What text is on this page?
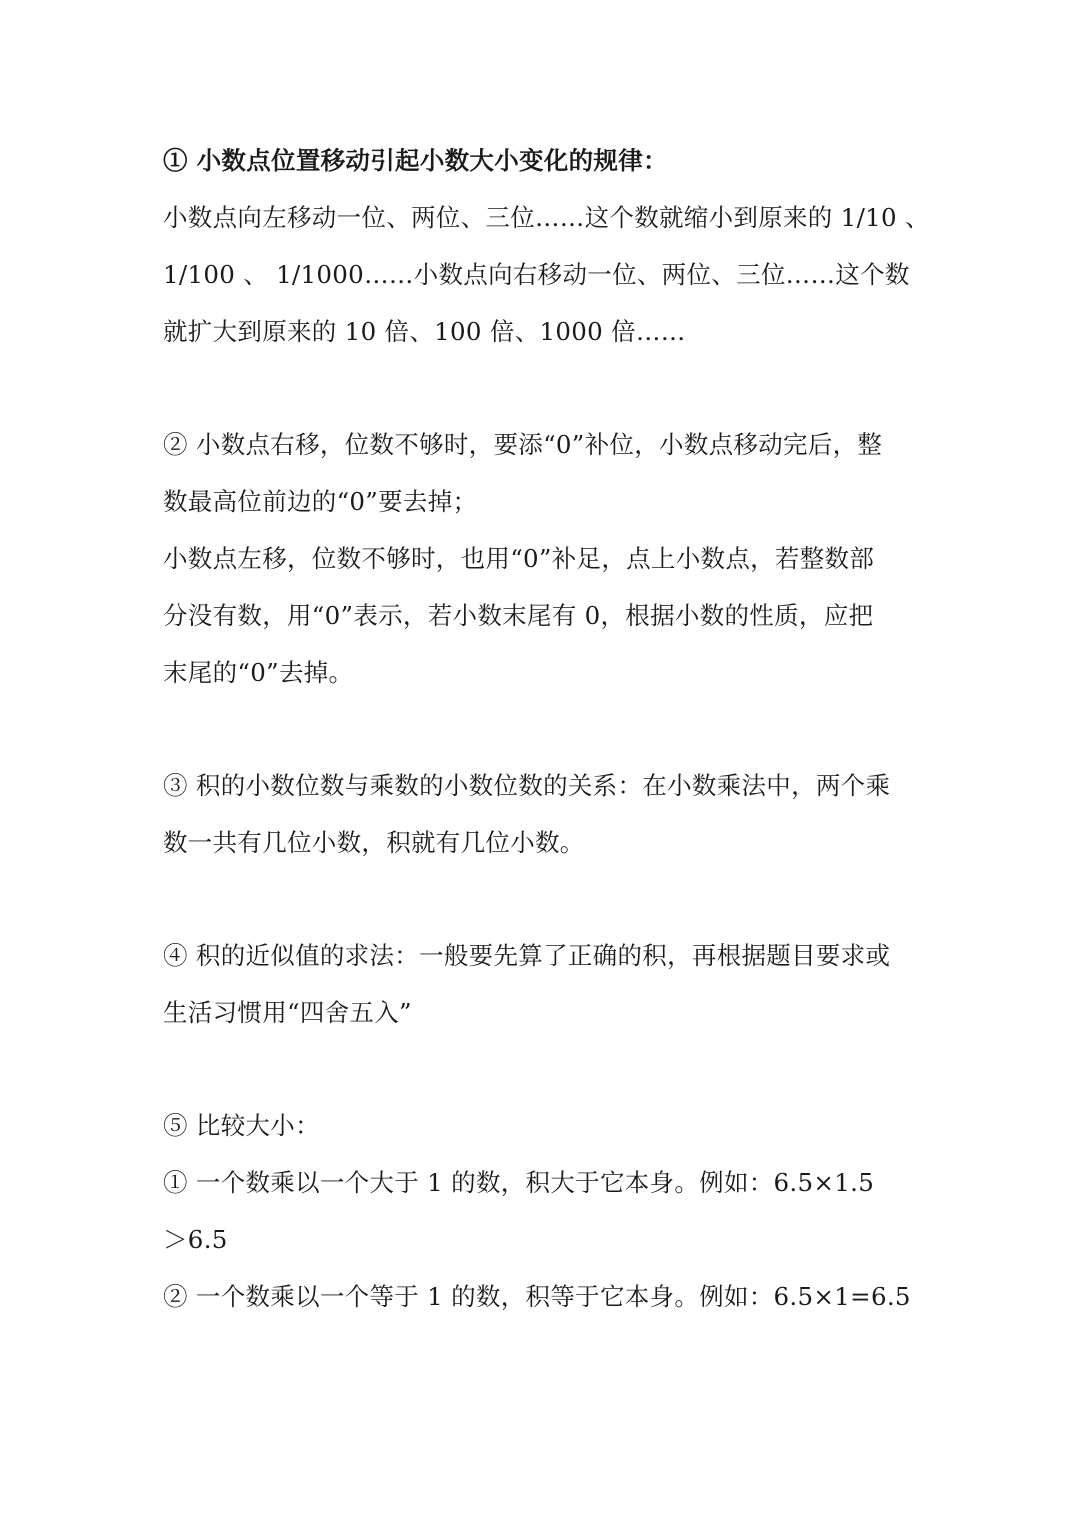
① 小数点位置移动引起小数大小变化的规律：
小数点向左移动一位、两位、三位……这个数就缩小到原来的 1/10 、
1/100 、 1/1000……小数点向右移动一位、两位、三位……这个数
就扩大到原来的 10 倍、100 倍、1000 倍……
② 小数点右移，位数不够时，要添“0”补位，小数点移动完后，整
数最高位前边的“0”要去掉；
小数点左移，位数不够时，也用“0”补足，点上小数点，若整数部
分没有数，用“0”表示，若小数末尾有 0，根据小数的性质，应把
末尾的“0”去掉。
③ 积的小数位数与乘数的小数位数的关系：在小数乘法中，两个乘
数一共有几位小数，积就有几位小数。
④ 积的近似值的求法：一般要先算了正确的积，再根据题目要求或
生活习惯用“四舍五入”
⑤ 比较大小：
① 一个数乘以一个大于 1 的数，积大于它本身。例如：6.5×1.5
＞6.5
② 一个数乘以一个等于 1 的数，积等于它本身。例如：6.5×1=6.5
